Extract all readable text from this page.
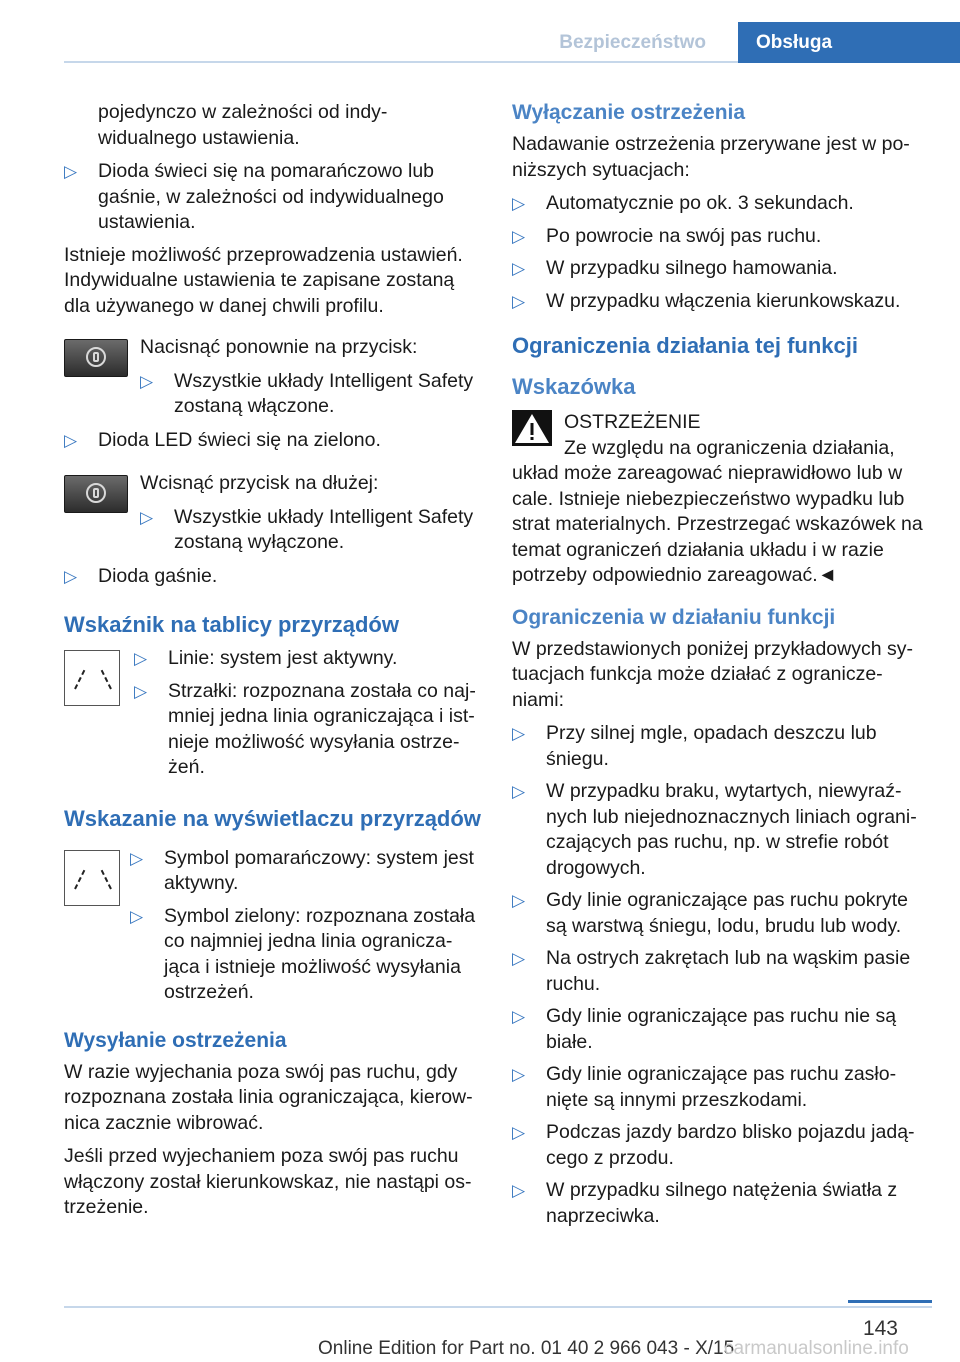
Bezpieczeństwo	Obsługa

pojedynczo w zależności od indy-widualnego ustawienia.

▷ Dioda świeci się na pomarańczowo lub gaśnie, w zależności od indywidualnego ustawienia.

Istnieje możliwość przeprowadzenia ustawień. Indywidualne ustawienia te zapisane zostaną dla używanego w danej chwili profilu.

Nacisnąć ponownie na przycisk:

▷ Wszystkie układy Intelligent Safety zostaną włączone.
▷ Dioda LED świeci się na zielono.

Wcisnąć przycisk na dłużej:

▷ Wszystkie układy Intelligent Safety zostaną wyłączone.
▷ Dioda gaśnie.
Wskaźnik na tablicy przyrządów
▷ Linie: system jest aktywny.
▷ Strzałki: rozpoznana została co naj-mniej jedna linia ograniczająca i ist-nieje możliwość wysyłania ostrze-żeń.
Wskazanie na wyświetlaczu przyrządów
▷ Symbol pomarańczowy: system jest aktywny.
▷ Symbol zielony: rozpoznana została co najmniej jedna linia ogranicza-jąca i istnieje możliwość wysyłania ostrzeżeń.
Wysyłanie ostrzeżenia

W razie wyjechania poza swój pas ruchu, gdy rozpoznana została linia ograniczająca, kierow-nica zacznie wibrować.

Jeśli przed wyjechaniem poza swój pas ruchu włączony został kierunkowskaz, nie nastąpi os-trzeżenie.

Wyłączanie ostrzeżenia

Nadawanie ostrzeżenia przerywane jest w po-niższych sytuacjach:

▷ Automatycznie po ok. 3 sekundach.
▷ Po powrocie na swój pas ruchu.
▷ W przypadku silnego hamowania.
▷ W przypadku włączenia kierunkowskazu.
Ograniczenia działania tej funkcji
Wskazówka

OSTRZEŻENIE

Ze względu na ograniczenia działania, układ może zareagować nieprawidłowo lub w cale. Istnieje niebezpieczeństwo wypadku lub strat materialnych. Przestrzegać wskazówek na temat ograniczeń działania układu i w razie potrzeby odpowiednio zareagować.◄

Ograniczenia w działaniu funkcji

W przedstawionych poniżej przykładowych sy-tuacjach funkcja może działać z ograniczе-niami:

▷ Przy silnej mgle, opadach deszczu lub śniegu.
▷ W przypadku braku, wytartych, niewyraź-nych lub niejednoznacznych liniach ograni-czających pas ruchu, np. w strefie robót drogowych.
▷ Gdy linie ograniczające pas ruchu pokryte są warstwą śniegu, lodu, brudu lub wody.
▷ Na ostrych zakrętach lub na wąskim pasie ruchu.
▷ Gdy linie ograniczające pas ruchu nie są białe.
▷ Gdy linie ograniczające pas ruchu zasło-nięte są innymi przeszkodami.
▷ Podczas jazdy bardzo blisko pojazdu jadą-cego z przodu.
▷ W przypadku silnego natężenia światła z naprzeciwka.
143
Online Edition for Part no. 01 40 2 966 043 - X/15
carmanualsonline.info
